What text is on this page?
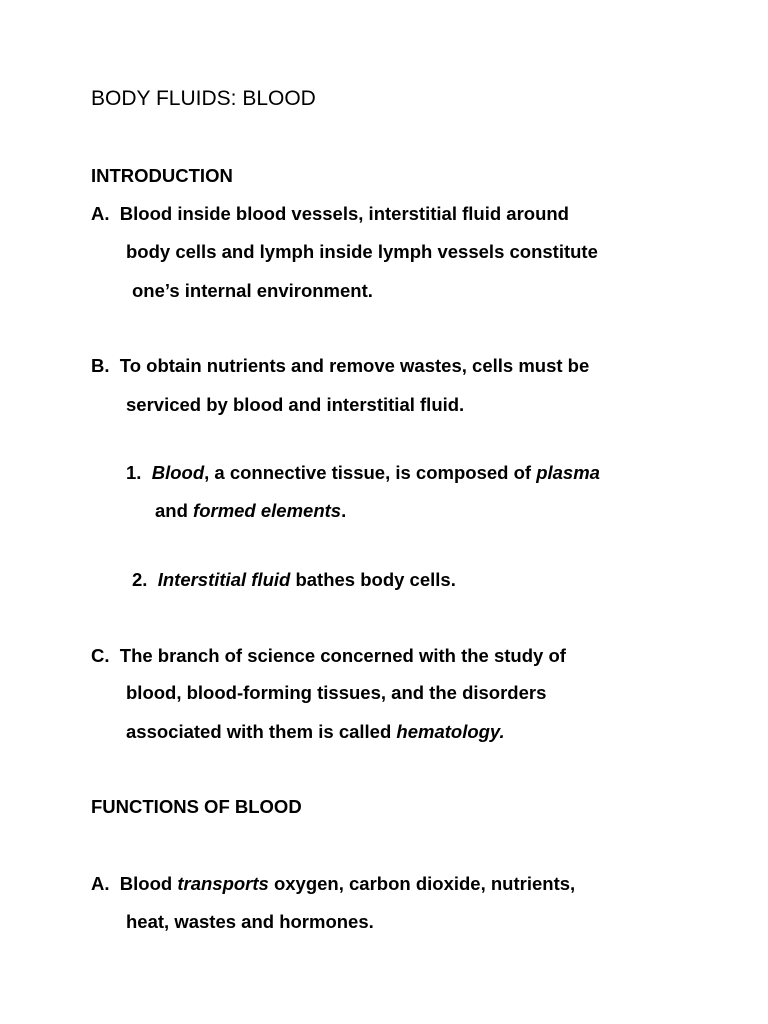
BODY FLUIDS: BLOOD
INTRODUCTION
A. Blood inside blood vessels, interstitial fluid around
body cells and lymph inside lymph vessels constitute
one’s internal environment.
B. To obtain nutrients and remove wastes, cells must be
serviced by blood and interstitial fluid.
1. Blood, a connective tissue, is composed of plasma
and formed elements.
2. Interstitial fluid bathes body cells.
C. The branch of science concerned with the study of
blood, blood-forming tissues, and the disorders
associated with them is called hematology.
FUNCTIONS OF BLOOD
A. Blood transports oxygen, carbon dioxide, nutrients,
heat, wastes and hormones.
